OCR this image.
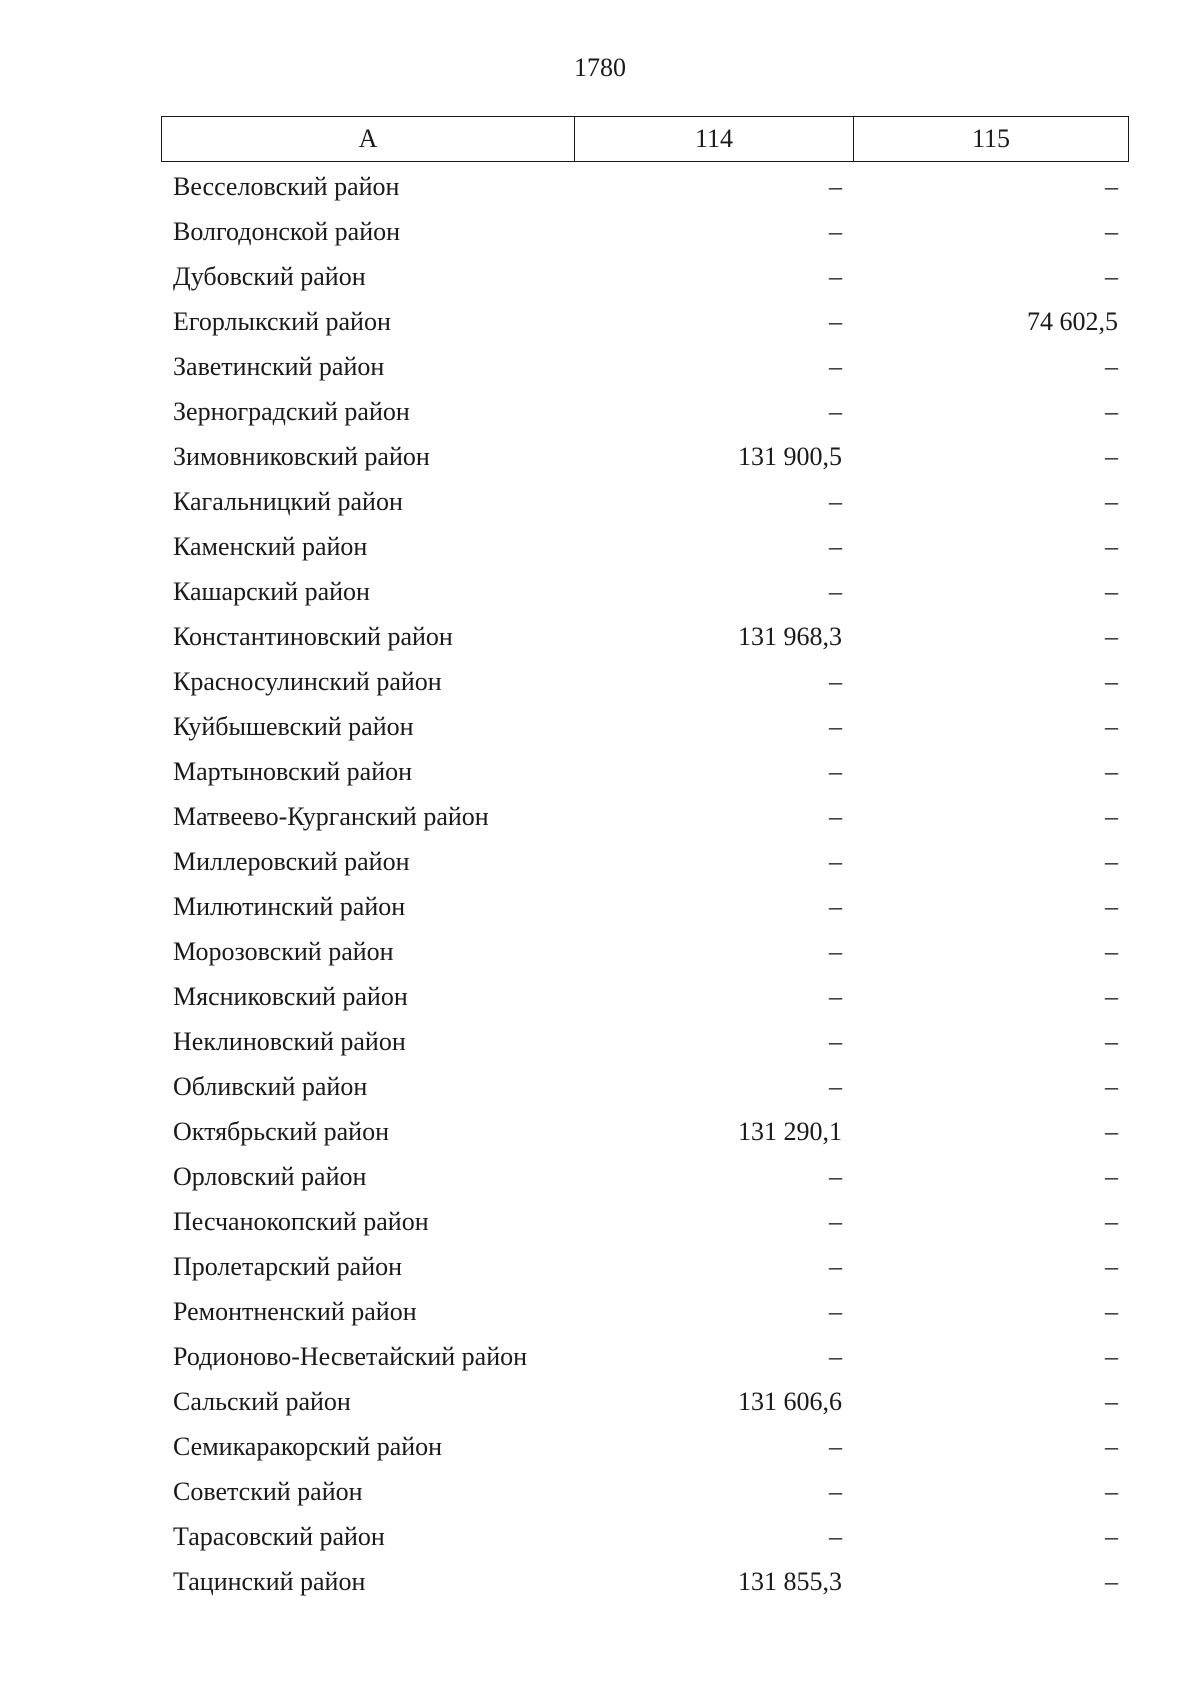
1780
А	114	115
Весселовский район	–	–
Волгодонской район	–	–
Дубовский район	–	–
Егорлыкский район	–	74 602,5
Заветинский район	–	–
Зерноградский район	–	–
Зимовниковский район	131 900,5	–
Кагальницкий район	–	–
Каменский район	–	–
Кашарский район	–	–
Константиновский район	131 968,3	–
Красносулинский район	–	–
Куйбышевский район	–	–
Мартыновский район	–	–
Матвеево-Курганский район	–	–
Миллеровский район	–	–
Милютинский район	–	–
Морозовский район	–	–
Мясниковский район	–	–
Неклиновский район	–	–
Обливский район	–	–
Октябрьский район	131 290,1	–
Орловский район	–	–
Песчанокопский район	–	–
Пролетарский район	–	–
Ремонтненский район	–	–
Родионово-Несветайский район	–	–
Сальский район	131 606,6	–
Семикаракорский район	–	–
Советский район	–	–
Тарасовский район	–	–
Тацинский район	131 855,3	–
